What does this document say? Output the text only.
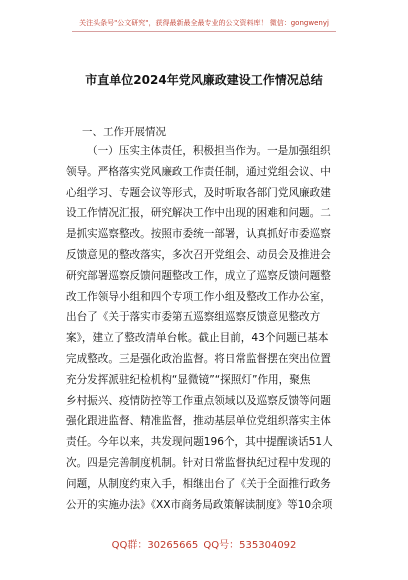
关注头条号"公文研究"，获得最新最全最专业的公文资料库！ 微信：gongwenyj
市直单位2024年党风廉政建设工作情况总结
一、工作开展情况
（一）压实主体责任，积极担当作为。一是加强组织
领导。严格落实党风廉政工作责任制，通过党组会议、中
心组学习、专题会议等形式，及时听取各部门党风廉政建
设工作情况汇报，研究解决工作中出现的困难和问题。二
是抓实巡察整改。按照市委统一部署，认真抓好市委巡察
反馈意见的整改落实，多次召开党组会、动员会及推进会
研究部署巡察反馈问题整改工作，成立了巡察反馈问题整
改工作领导小组和四个专项工作小组及整改工作办公室，
出台了《关于落实市委第五巡察组巡察反馈意见整改方
案》，建立了整改清单台帐。截止目前，43个问题已基本
完成整改。三是强化政治监督。将日常监督摆在突出位置
充分发挥派驻纪检机构“显微镜”“探照灯”作用，聚焦
乡村振兴、疫情防控等工作重点领域以及巡察反馈等问题
强化跟进监督、精准监督，推动基层单位党组织落实主体
责任。今年以来，共发现问题196个，其中提醒谈话51人
次。四是完善制度机制。针对日常监督执纪过程中发现的
问题，从制度约束入手，相继出台了《关于全面推行政务
公开的实施办法》《XX市商务局政策解读制度》等10余项
QQ群：30265665 QQ号：535304092
